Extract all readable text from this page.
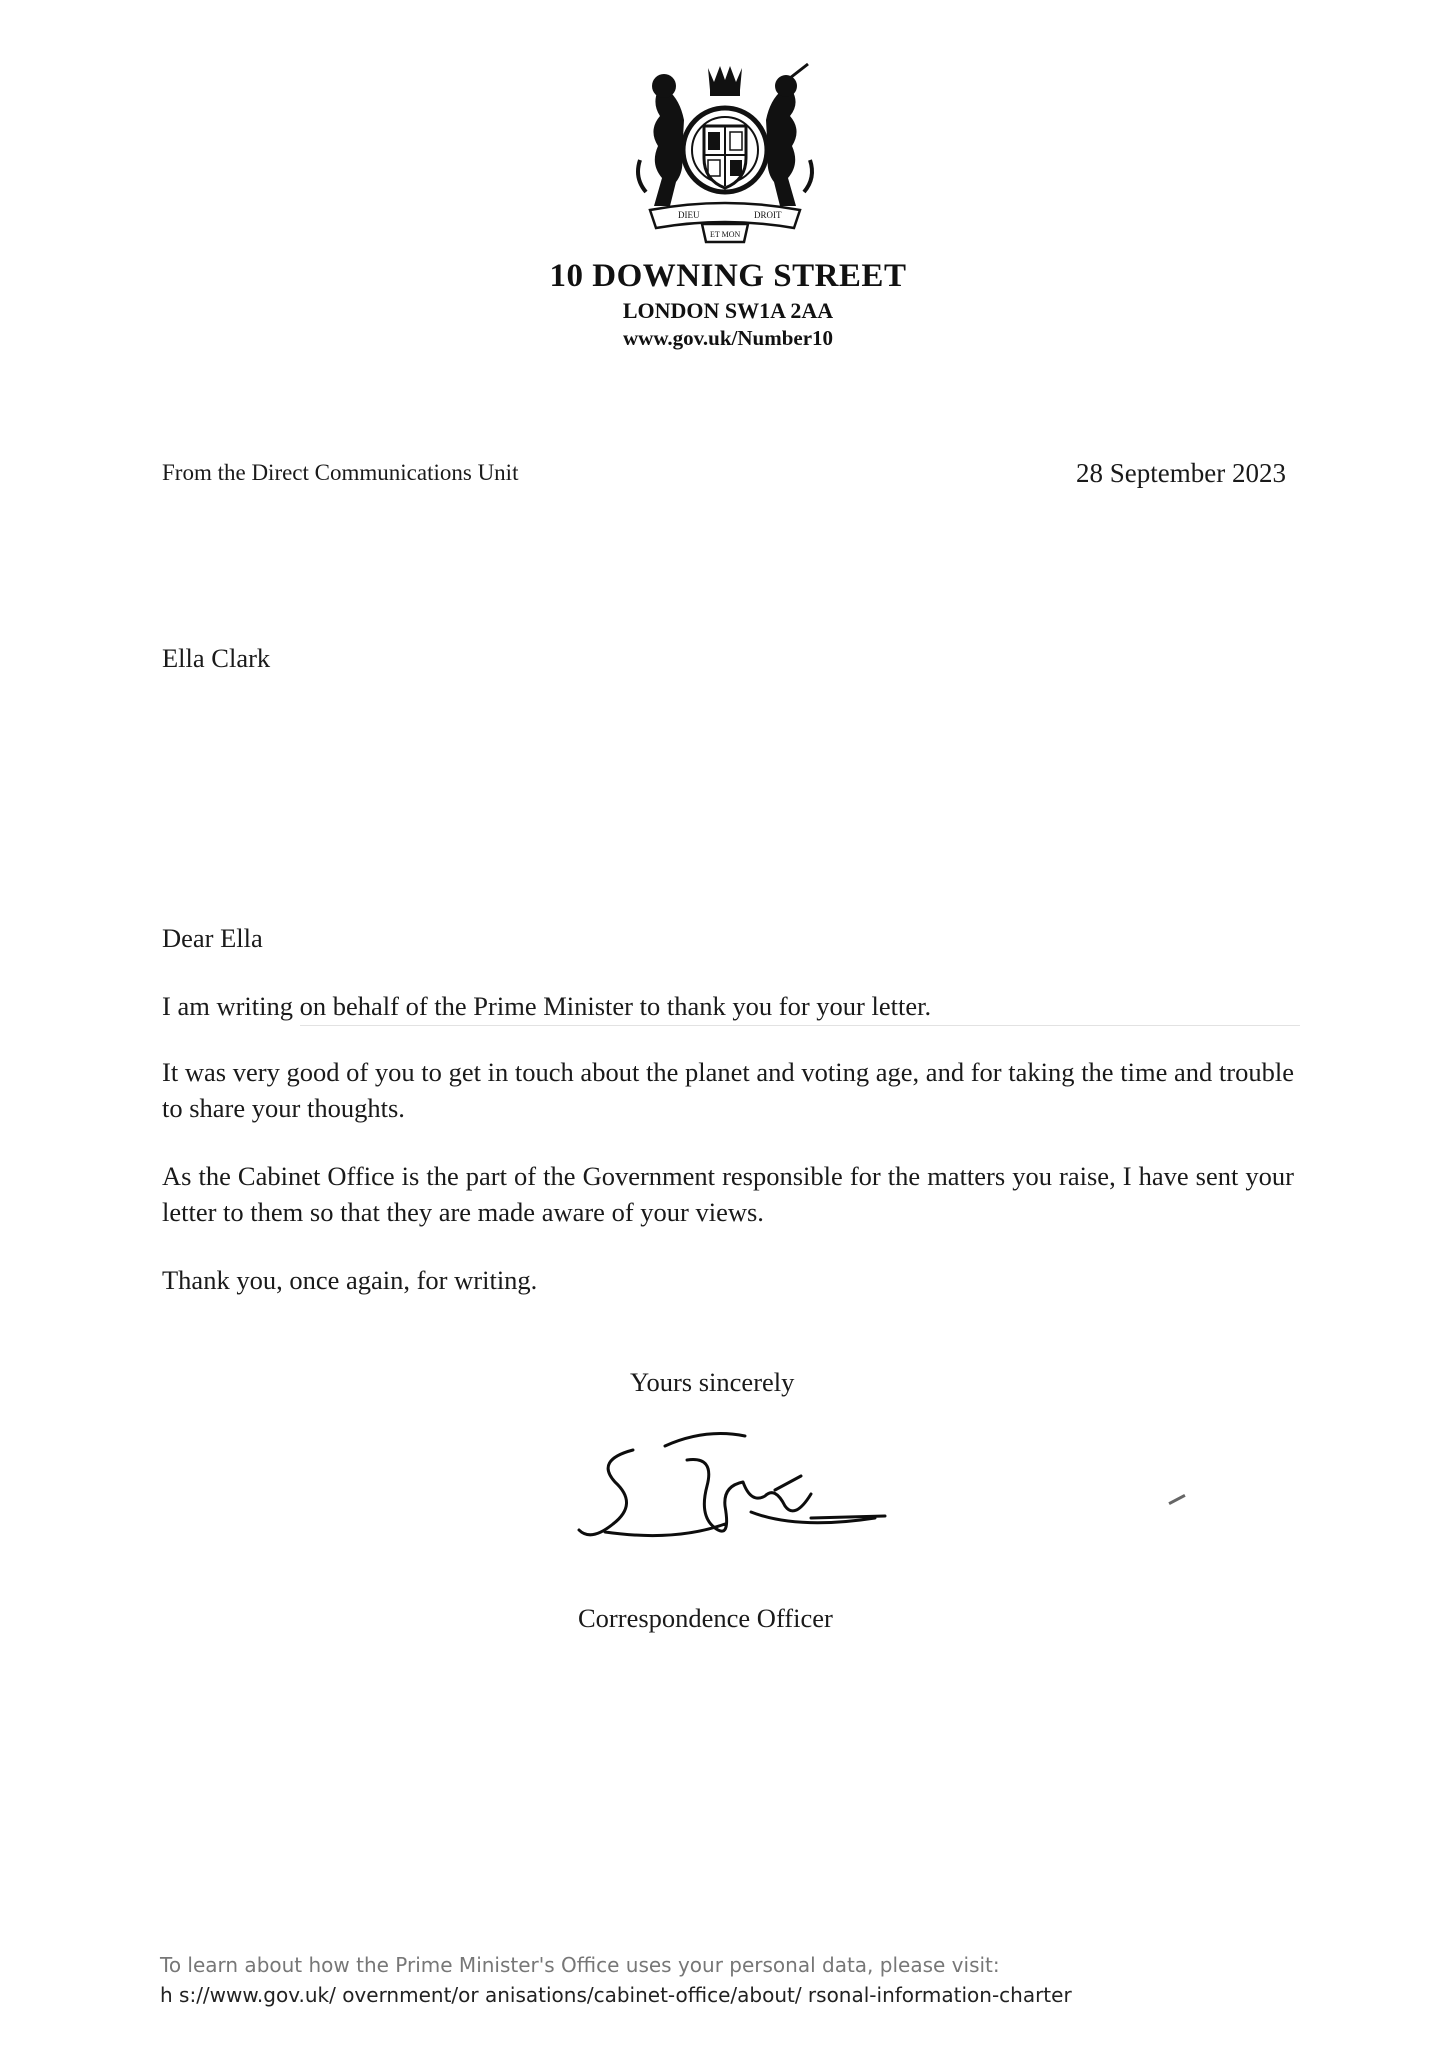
DIEU
ET MON
DROIT
10 DOWNING STREET
LONDON SW1A 2AA
www.gov.uk/Number10
From the Direct Communications Unit	28 September 2023
Ella Clark
Dear Ella
I am writing on behalf of the Prime Minister to thank you for your letter.
It was very good of you to get in touch about the planet and voting age, and for taking the time and trouble to share your thoughts.
As the Cabinet Office is the part of the Government responsible for the matters you raise, I have sent your letter to them so that they are made aware of your views.
Thank you, once again, for writing.
Yours sincerely
Correspondence Officer
To learn about how the Prime Minister's Office uses your personal data, please visit:
h s://www.gov.uk/ overnment/or anisations/cabinet-office/about/ rsonal-information-charter
